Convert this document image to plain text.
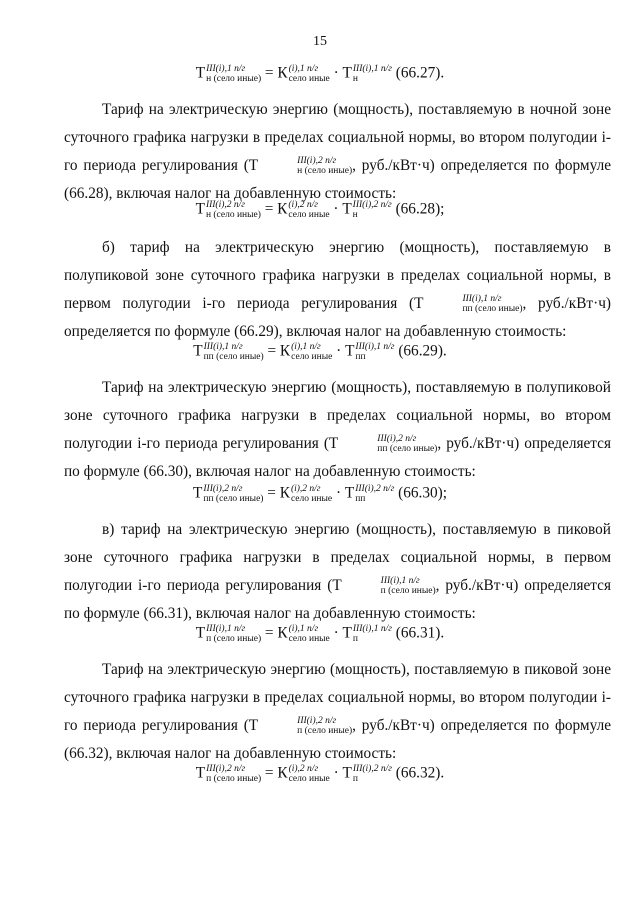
15
Т III(i),1 п/г
н (село иные) = К (i),1 п/г
село иные · Т III(i),1 п/г
н	(66.27).
Тариф на электрическую энергию (мощность), поставляемую в ночной зоне суточного графика нагрузки в пределах социальной нормы, во втором полугодии i-го периода регулирования (Т	III(i),2 п/г
н (село иные) , руб./кВт·ч) определяется по формуле (66.28), включая налог на добавленную стоимость:
Т III(i),2 п/г
н (село иные) = К (i),2 п/г
село иные · Т III(i),2 п/г
н	(66.28);
б) тариф на электрическую энергию (мощность), поставляемую в полупиковой зоне суточного графика нагрузки в пределах социальной нормы, в первом полугодии i-го периода регулирования (Т	III(i),1 п/г
пп (село иные) , руб./кВт·ч) определяется по формуле (66.29), включая налог на добавленную стоимость:
Т III(i),1 п/г
пп (село иные) = К (i),1 п/г
село иные · Т III(i),1 п/г
пп	(66.29).
Тариф на электрическую энергию (мощность), поставляемую в полупиковой зоне суточного графика нагрузки в пределах социальной нормы, во втором полугодии i-го периода регулирования (Т	III(i),2 п/г
пп (село иные) , руб./кВт·ч) определяется по формуле (66.30), включая налог на добавленную стоимость:
Т III(i),2 п/г
пп (село иные) = К (i),2 п/г
село иные · Т III(i),2 п/г
пп	(66.30);
в) тариф на электрическую энергию (мощность), поставляемую в пиковой зоне суточного графика нагрузки в пределах социальной нормы, в первом полугодии i-го периода регулирования (Т	III(i),1 п/г
п (село иные) , руб./кВт·ч) определяется по формуле (66.31), включая налог на добавленную стоимость:
Т III(i),1 п/г
п (село иные) = К (i),1 п/г
село иные · Т III(i),1 п/г
п	(66.31).
Тариф на электрическую энергию (мощность), поставляемую в пиковой зоне суточного графика нагрузки в пределах социальной нормы, во втором полугодии i-го периода регулирования (Т	III(i),2 п/г
п (село иные) , руб./кВт·ч) определяется по формуле (66.32), включая налог на добавленную стоимость:
Т III(i),2 п/г
п (село иные) = К (i),2 п/г
село иные · Т III(i),2 п/г
п	(66.32).
